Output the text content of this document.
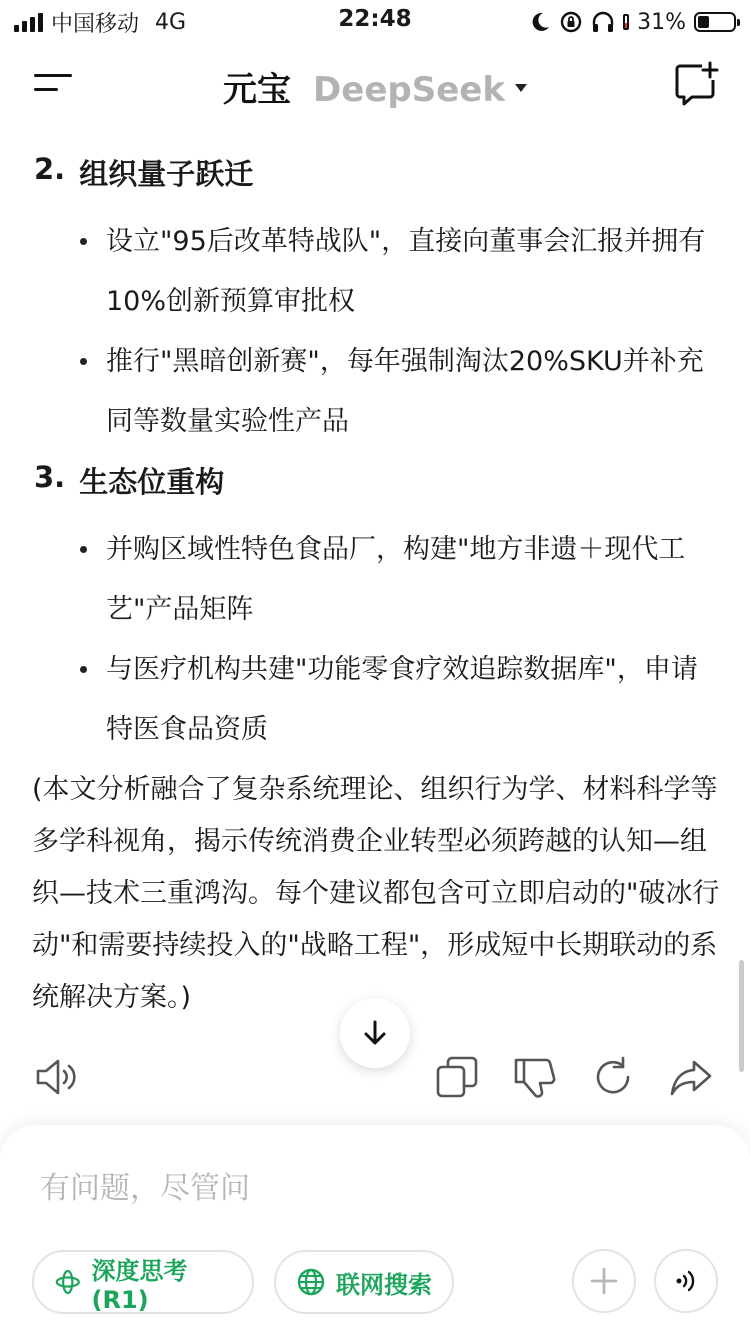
中国移动 4G	22:48	31%
元宝 DeepSeek
2. 组织量子跃迁
设立"95后改革特战队"，直接向董事会汇报并拥有10%创新预算审批权
推行"黑暗创新赛"，每年强制淘汰20%SKU并补充同等数量实验性产品
3. 生态位重构
并购区域性特色食品厂，构建"地方非遗＋现代工艺"产品矩阵
与医疗机构共建"功能零食疗效追踪数据库"，申请特医食品资质
(本文分析融合了复杂系统理论、组织行为学、材料科学等多学科视角，揭示传统消费企业转型必须跨越的认知—组织—技术三重鸿沟。每个建议都包含可立即启动的"破冰行动"和需要持续投入的"战略工程"，形成短中长期联动的系统解决方案。)
有问题，尽管问
深度思考(R1)
联网搜索
